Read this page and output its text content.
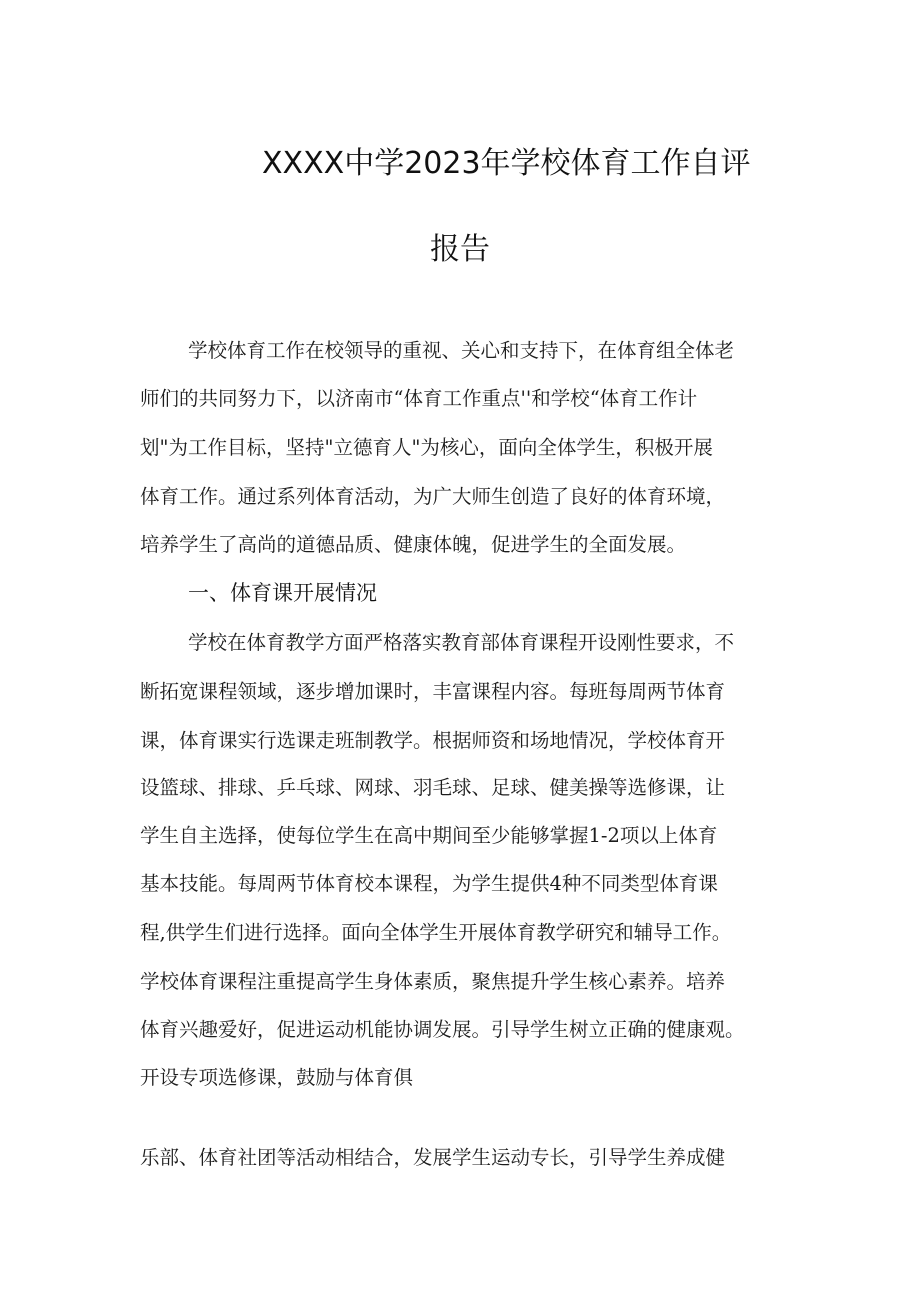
XXXX中学2023年学校体育工作自评
报告
学校体育工作在校领导的重视、关心和支持下，在体育组全体老
师们的共同努力下，以济南市“体育工作重点''和学校“体育工作计
划"为工作目标，坚持"立德育人"为核心，面向全体学生，积极开展
体育工作。通过系列体育活动，为广大师生创造了良好的体育环境，
培养学生了高尚的道德品质、健康体魄，促进学生的全面发展。
一、体育课开展情况
学校在体育教学方面严格落实教育部体育课程开设刚性要求，不
断拓宽课程领域，逐步增加课时，丰富课程内容。每班每周两节体育
课，体育课实行选课走班制教学。根据师资和场地情况，学校体育开
设篮球、排球、乒乓球、网球、羽毛球、足球、健美操等选修课，让
学生自主选择，使每位学生在高中期间至少能够掌握1-2项以上体育
基本技能。每周两节体育校本课程，为学生提供4种不同类型体育课
程,供学生们进行选择。面向全体学生开展体育教学研究和辅导工作。
学校体育课程注重提高学生身体素质，聚焦提升学生核心素养。培养
体育兴趣爱好，促进运动机能协调发展。引导学生树立正确的健康观。
开设专项选修课，鼓励与体育俱
乐部、体育社团等活动相结合，发展学生运动专长，引导学生养成健
